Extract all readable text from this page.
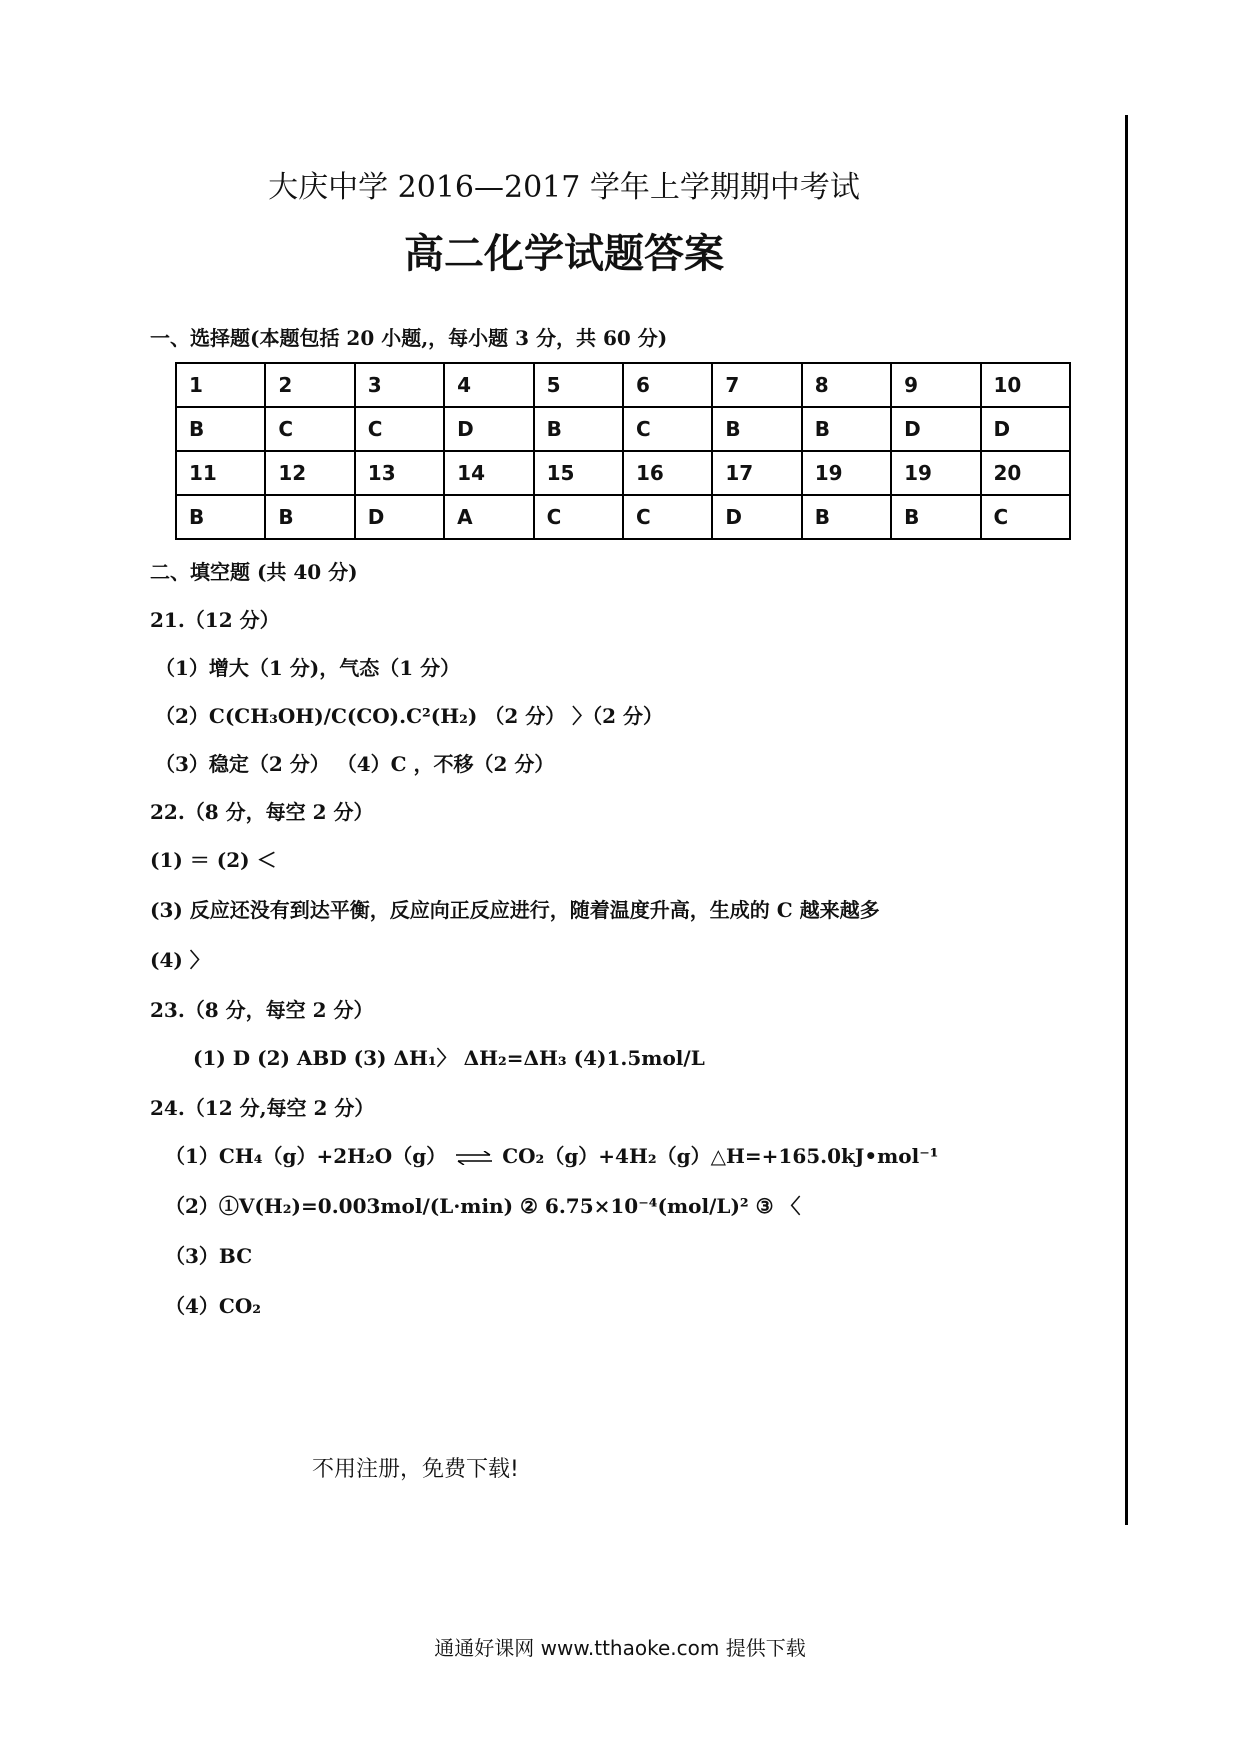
大庆中学 2016—2017 学年上学期期中考试
高二化学试题答案
一、选择题(本题包括 20 小题,，每小题 3 分，共 60 分)
1	2	3	4	5	6	7	8	9	10
B	C	C	D	B	C	B	B	D	D
11	12	13	14	15	16	17	19	19	20
B	B	D	A	C	C	D	B	B	C
二、填空题 (共 40 分)
21.（12 分）
（1）增大（1 分)，气态（1 分）
（2）C(CH₃OH)/C(CO).C²(H₂) （2 分） 〉（2 分）
（3）稳定（2 分） （4）C ，不移（2 分）
22.（8 分，每空 2 分）
(1) ＝ (2) ＜
(3) 反应还没有到达平衡，反应向正反应进行，随着温度升高，生成的 C 越来越多
(4) 〉
23.（8 分，每空 2 分）
(1) D (2) ABD (3) ΔH₁〉 ΔH₂=ΔH₃ (4)1.5mol/L
24.（12 分,每空 2 分）
（1）CH₄（g）+2H₂O（g） ⇌ CO₂（g）+4H₂（g）△H=+165.0kJ•mol⁻¹
（2）①V(H₂)=0.003mol/(L·min) ② 6.75×10⁻⁴(mol/L)² ③ 〈
（3）BC
（4）CO₂
不用注册，免费下载!
通通好课网 www.tthaoke.com 提供下载
